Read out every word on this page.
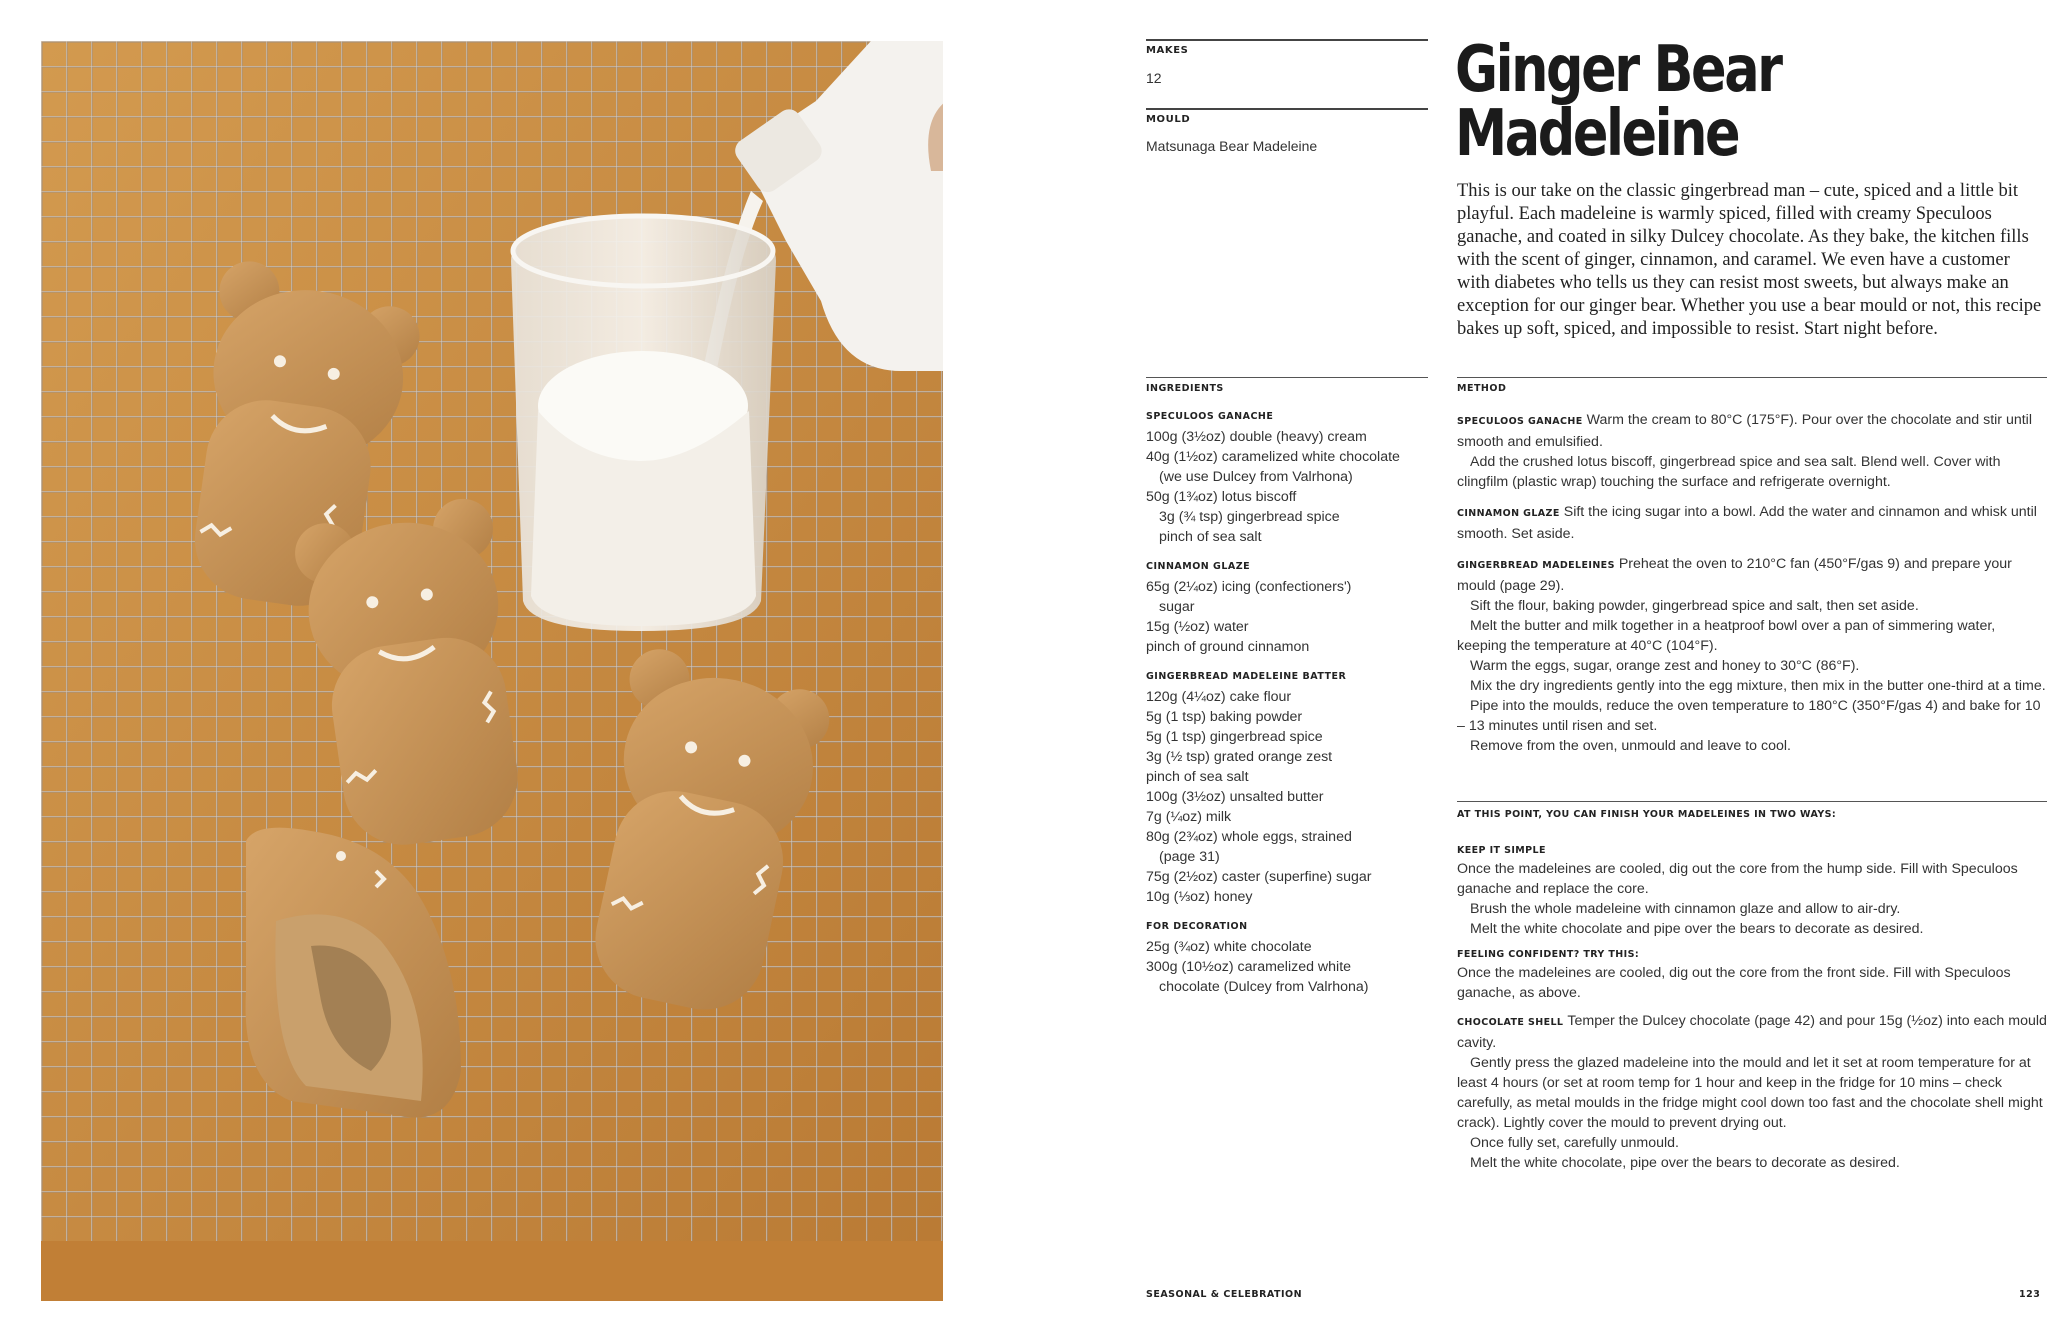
MAKES
12
MOULD
Matsunaga Bear Madeleine
Ginger Bear
Madeleine

This is our take on the classic gingerbread man – cute, spiced and a little bit playful. Each madeleine is warmly spiced, filled with creamy Speculoos ganache, and coated in silky Dulcey chocolate. As they bake, the kitchen fills with the scent of ginger, cinnamon, and caramel. We even have a customer with diabetes who tells us they can resist most sweets, but always make an exception for our ginger bear. Whether you use a bear mould or not, this recipe bakes up soft, spiced, and impossible to resist. Start night before.

INGREDIENTS
SPECULOOS GANACHE
100g (3½oz) double (heavy) cream
40g (1½oz) caramelized white chocolate
(we use Dulcey from Valrhona)
50g (1¾oz) lotus biscoff
3g (¾ tsp) gingerbread spice
pinch of sea salt
CINNAMON GLAZE
65g (2¼oz) icing (confectioners')
sugar
15g (½oz) water
pinch of ground cinnamon
GINGERBREAD MADELEINE BATTER
120g (4¼oz) cake flour
5g (1 tsp) baking powder
5g (1 tsp) gingerbread spice
3g (½ tsp) grated orange zest
pinch of sea salt
100g (3½oz) unsalted butter
7g (¼oz) milk
80g (2¾oz) whole eggs, strained
(page 31)
75g (2½oz) caster (superfine) sugar
10g (⅓oz) honey
FOR DECORATION
25g (¾oz) white chocolate
300g (10½oz) caramelized white
chocolate (Dulcey from Valrhona)
METHOD

SPECULOOS GANACHE Warm the cream to 80°C (175°F). Pour over the chocolate and stir until smooth and emulsified.

Add the crushed lotus biscoff, gingerbread spice and sea salt. Blend well. Cover with clingfilm (plastic wrap) touching the surface and refrigerate overnight.

CINNAMON GLAZE Sift the icing sugar into a bowl. Add the water and cinnamon and whisk until smooth. Set aside.

GINGERBREAD MADELEINES Preheat the oven to 210°C fan (450°F/gas 9) and prepare your mould (page 29).

Sift the flour, baking powder, gingerbread spice and salt, then set aside.

Melt the butter and milk together in a heatproof bowl over a pan of simmering water, keeping the temperature at 40°C (104°F).

Warm the eggs, sugar, orange zest and honey to 30°C (86°F).

Mix the dry ingredients gently into the egg mixture, then mix in the butter one-third at a time.

Pipe into the moulds, reduce the oven temperature to 180°C (350°F/gas 4) and bake for 10 – 13 minutes until risen and set.

Remove from the oven, unmould and leave to cool.

AT THIS POINT, YOU CAN FINISH YOUR MADELEINES IN TWO WAYS:
KEEP IT SIMPLE

Once the madeleines are cooled, dig out the core from the hump side. Fill with Speculoos ganache and replace the core.

Brush the whole madeleine with cinnamon glaze and allow to air-dry.

Melt the white chocolate and pipe over the bears to decorate as desired.

FEELING CONFIDENT? TRY THIS:

Once the madeleines are cooled, dig out the core from the front side. Fill with Speculoos ganache, as above.

CHOCOLATE SHELL Temper the Dulcey chocolate (page 42) and pour 15g (½oz) into each mould cavity.

Gently press the glazed madeleine into the mould and let it set at room temperature for at least 4 hours (or set at room temp for 1 hour and keep in the fridge for 10 mins – check carefully, as metal moulds in the fridge might cool down too fast and the chocolate shell might crack). Lightly cover the mould to prevent drying out.

Once fully set, carefully unmould.

Melt the white chocolate, pipe over the bears to decorate as desired.

SEASONAL & CELEBRATION	123
